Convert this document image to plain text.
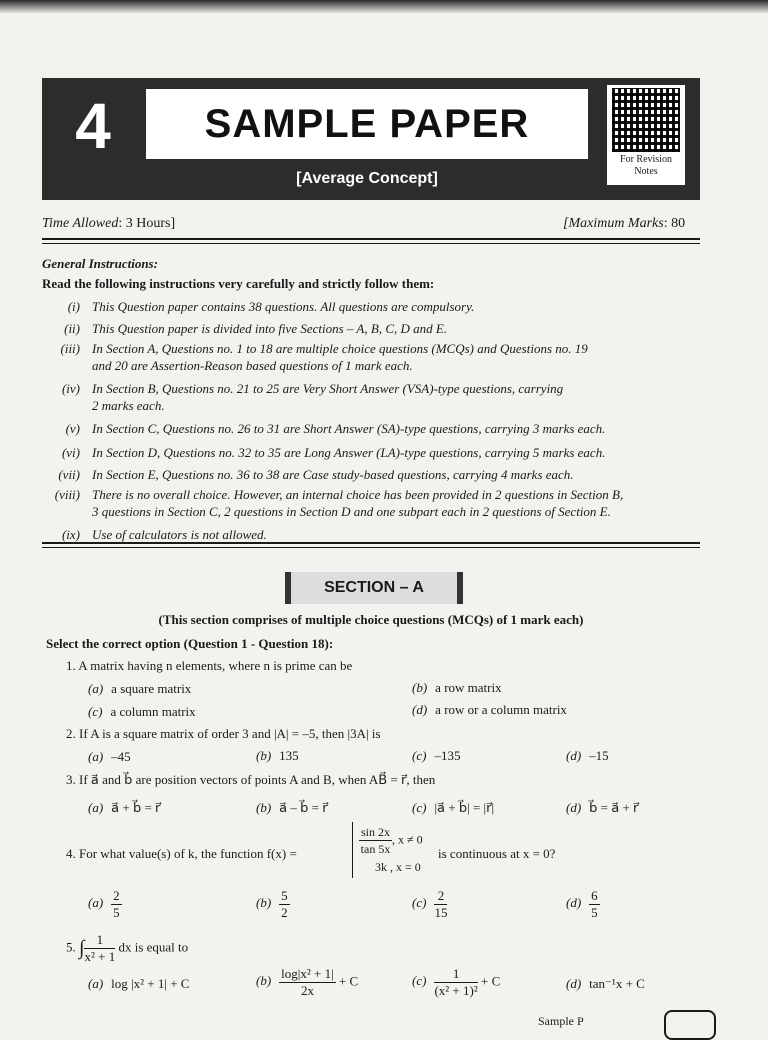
4	SAMPLE PAPER
[Average Concept]
For Revision
Notes
Time Allowed: 3 Hours]	[Maximum Marks: 80
General Instructions:
Read the following instructions very carefully and strictly follow them:
(i) This Question paper contains 38 questions. All questions are compulsory.
(ii) This Question paper is divided into five Sections – A, B, C, D and E.
(iii) In Section A, Questions no. 1 to 18 are multiple choice questions (MCQs) and Questions no. 19
and 20 are Assertion-Reason based questions of 1 mark each.
(iv) In Section B, Questions no. 21 to 25 are Very Short Answer (VSA)-type questions, carrying
2 marks each.
(v) In Section C, Questions no. 26 to 31 are Short Answer (SA)-type questions, carrying 3 marks each.
(vi) In Section D, Questions no. 32 to 35 are Long Answer (LA)-type questions, carrying 5 marks each.
(vii) In Section E, Questions no. 36 to 38 are Case study-based questions, carrying 4 marks each.
(viii) There is no overall choice. However, an internal choice has been provided in 2 questions in Section B,
3 questions in Section C, 2 questions in Section D and one subpart each in 2 questions of Section E.
(ix) Use of calculators is not allowed.
SECTION – A
(This section comprises of multiple choice questions (MCQs) of 1 mark each)
Select the correct option (Question 1 - Question 18):
1. A matrix having n elements, where n is prime can be
(a) a square matrix	(b) a row matrix
(c) a column matrix	(d) a row or a column matrix
2. If A is a square matrix of order 3 and |A| = –5, then |3A| is
(a) –45	(b) 135	(c) –135	(d) –15
3. If a⃗ and b⃗ are position vectors of points A and B, when AB⃗ = r⃗, then
(a) a⃗ + b⃗ = r⃗	(b) a⃗ – b⃗ = r⃗	(c) |a⃗ + b⃗| = |r⃗|	(d) b⃗ = a⃗ + r⃗
4. For what value(s) of k, the function f(x) =	$\frac{\sin 2x}{\tan 5x}$ , x ≠ 0
3k , x = 0
is continuous at x = 0?
$(a) \frac{2}{5}$	$(b) \frac{5}{2}$	$(c) \frac{2}{15}$	$(d) \frac{6}{5}$
5. ∫ $\frac{1}{\text{x² + 1}}$ dx is equal to
(a) log |x² + 1| + C	$(b) \frac{\text{log|x² + 1|}}{2x} + C$	$(c) \frac{1}{\text{(x² + 1)²}} + C$	(d) tan⁻¹x + C
Sample P
